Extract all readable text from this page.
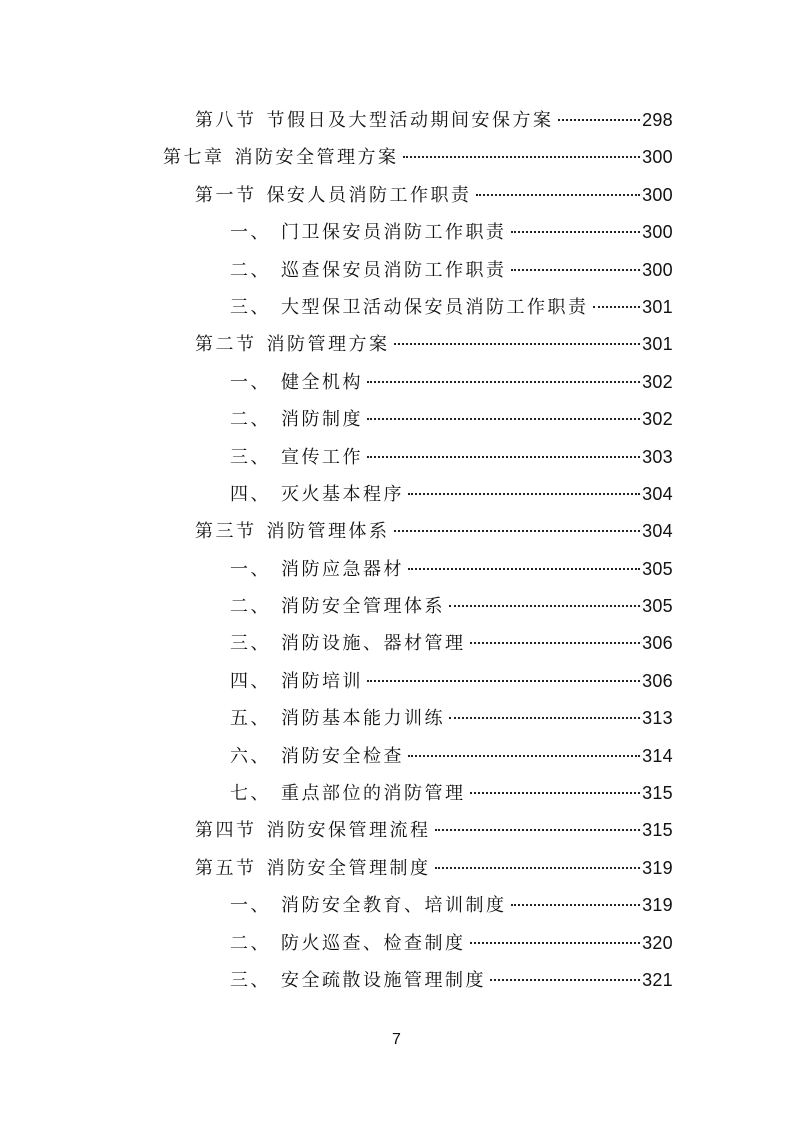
第八节 节假日及大型活动期间安保方案	298
第七章 消防安全管理方案	300
第一节 保安人员消防工作职责	300
一、 门卫保安员消防工作职责	300
二、 巡查保安员消防工作职责	300
三、 大型保卫活动保安员消防工作职责	301
第二节 消防管理方案	301
一、 健全机构	302
二、 消防制度	302
三、 宣传工作	303
四、 灭火基本程序	304
第三节 消防管理体系	304
一、 消防应急器材	305
二、 消防安全管理体系	305
三、 消防设施、器材管理	306
四、 消防培训	306
五、 消防基本能力训练	313
六、 消防安全检查	314
七、 重点部位的消防管理	315
第四节 消防安保管理流程	315
第五节 消防安全管理制度	319
一、 消防安全教育、培训制度	319
二、 防火巡查、检查制度	320
三、 安全疏散设施管理制度	321
7
